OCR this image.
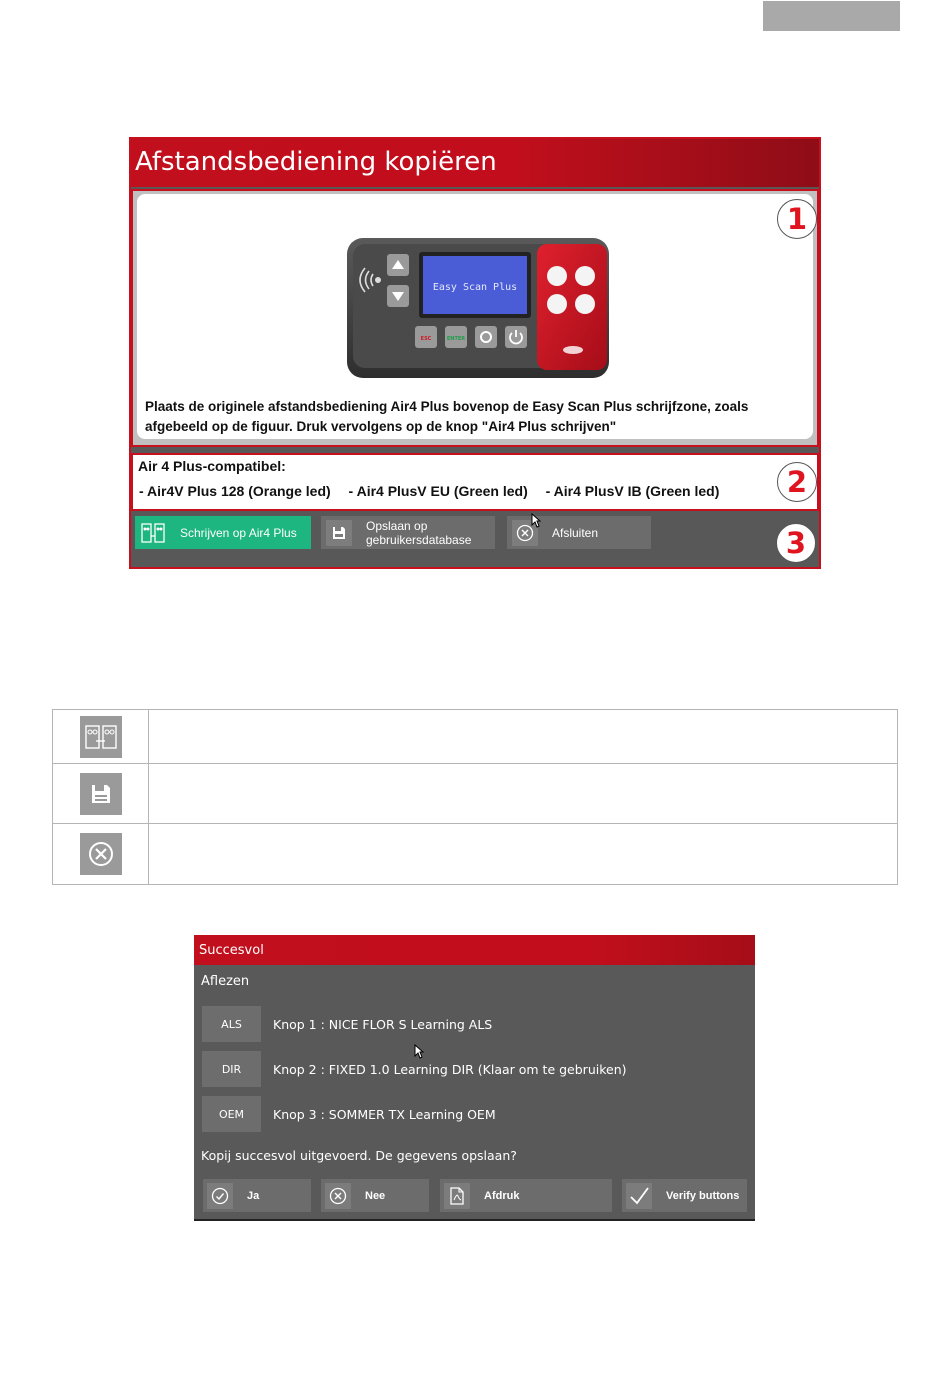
Afstandsbediening kopiëren
Easy Scan Plus
ESC	ENTER
Plaats de originele afstandsbediening Air4 Plus bovenop de Easy Scan Plus schrijfzone, zoals afgebeeld op de figuur. Druk vervolgens op de knop "Air4 Plus schrijven"
1
Air 4 Plus-compatibel:
- Air4V Plus 128 (Orange led) - Air4 PlusV EU (Green led) - Air4 PlusV IB (Green led)	2
Schrijven op Air4 Plus	Opslaan op
gebruikersdatabase	Afsluiten	3

Succesvol
Aflezen
ALS	Knop 1 : NICE FLOR S Learning ALS
DIR	Knop 2 : FIXED 1.0 Learning DIR (Klaar om te gebruiken)
OEM	Knop 3 : SOMMER TX Learning OEM
Kopij succesvol uitgevoerd. De gegevens opslaan?
Ja	Nee	Afdruk	Verify buttons
